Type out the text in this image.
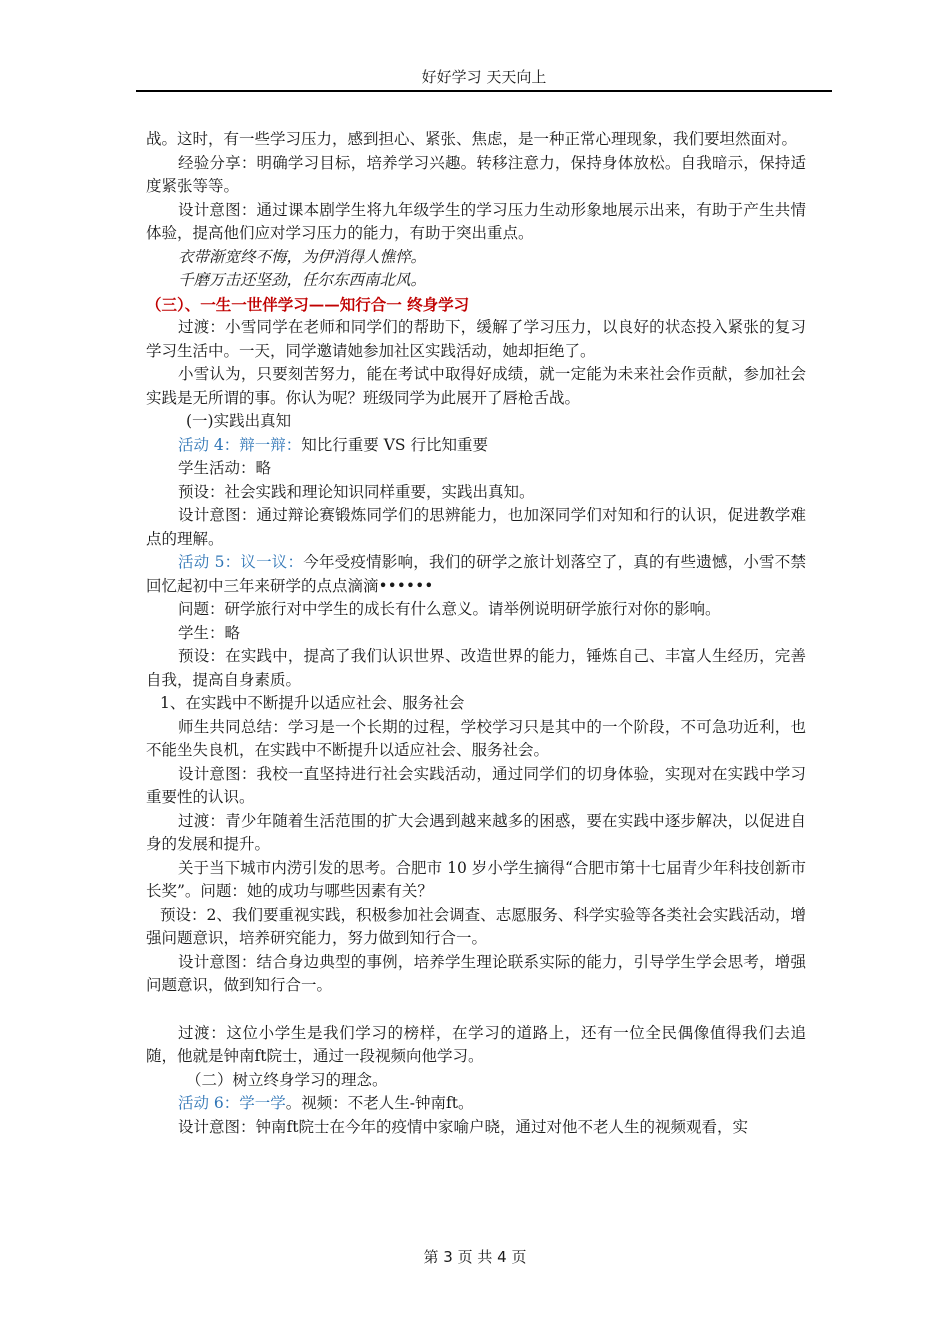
好好学习 天天向上

战。这时，有一些学习压力，感到担心、紧张、焦虑，是一种正常心理现象，我们要坦然面对。

经验分享：明确学习目标，培养学习兴趣。转移注意力，保持身体放松。自我暗示，保持适度紧张等等。

设计意图：通过课本剧学生将九年级学生的学习压力生动形象地展示出来，有助于产生共情体验，提高他们应对学习压力的能力，有助于突出重点。

衣带渐宽终不悔，为伊消得人憔悴。

千磨万击还坚劲，任尔东西南北风。

（三）、一生一世伴学习——知行合一 终身学习

过渡：小雪同学在老师和同学们的帮助下，缓解了学习压力，以良好的状态投入紧张的复习学习生活中。一天，同学邀请她参加社区实践活动，她却拒绝了。

小雪认为，只要刻苦努力，能在考试中取得好成绩，就一定能为未来社会作贡献，参加社会实践是无所谓的事。你认为呢？班级同学为此展开了唇枪舌战。

(一)实践出真知

活动 4：辩一辩：知比行重要 VS 行比知重要

学生活动：略

预设：社会实践和理论知识同样重要，实践出真知。

设计意图：通过辩论赛锻炼同学们的思辨能力，也加深同学们对知和行的认识，促进教学难点的理解。

活动 5：议一议：今年受疫情影响，我们的研学之旅计划落空了，真的有些遗憾，小雪不禁回忆起初中三年来研学的点点滴滴••••••

问题：研学旅行对中学生的成长有什么意义。请举例说明研学旅行对你的影响。

学生：略

预设：在实践中，提高了我们认识世界、改造世界的能力，锤炼自己、丰富人生经历，完善自我，提高自身素质。

1、在实践中不断提升以适应社会、服务社会

师生共同总结：学习是一个长期的过程，学校学习只是其中的一个阶段，不可急功近利，也不能坐失良机，在实践中不断提升以适应社会、服务社会。

设计意图：我校一直坚持进行社会实践活动，通过同学们的切身体验，实现对在实践中学习重要性的认识。

过渡：青少年随着生活范围的扩大会遇到越来越多的困惑，要在实践中逐步解决，以促进自身的发展和提升。

关于当下城市内涝引发的思考。合肥市 10 岁小学生摘得“合肥市第十七届青少年科技创新市长奖”。问题：她的成功与哪些因素有关？

预设：2、我们要重视实践，积极参加社会调查、志愿服务、科学实验等各类社会实践活动，增强问题意识，培养研究能力，努力做到知行合一。

设计意图：结合身边典型的事例，培养学生理论联系实际的能力，引导学生学会思考，增强问题意识，做到知行合一。

过渡：这位小学生是我们学习的榜样，在学习的道路上，还有一位全民偶像值得我们去追随，他就是钟南ft院士，通过一段视频向他学习。

（二）树立终身学习的理念。

活动 6：学一学。视频：不老人生-钟南ft。

设计意图：钟南ft院士在今年的疫情中家喻户晓，通过对他不老人生的视频观看，实

第 3 页 共 4 页
